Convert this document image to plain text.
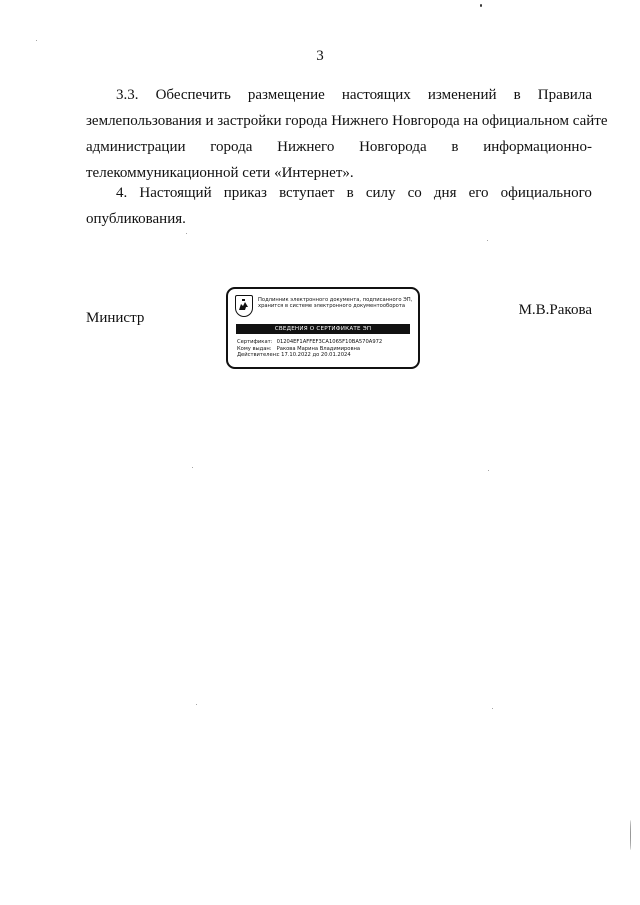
3
3.3. Обеспечить размещение настоящих изменений в Правила
землепользования и застройки города Нижнего Новгорода на официальном сайте
администрации города Нижнего Новгорода в информационно-
телекоммуникационной сети «Интернет».
4. Настоящий приказ вступает в силу со дня его официального
опубликования.
Министр
Подлинник электронного документа, подписанного ЭП,
хранится в системе электронного документооборота
СВЕДЕНИЯ О СЕРТИФИКАТЕ ЭП
Сертификат: 01204EF1AFFEF3CA1065F10BA570A972
Кому выдан: Ракова Марина Владимировна
Действителен: с 17.10.2022 до 20.01.2024
М.В.Ракова
